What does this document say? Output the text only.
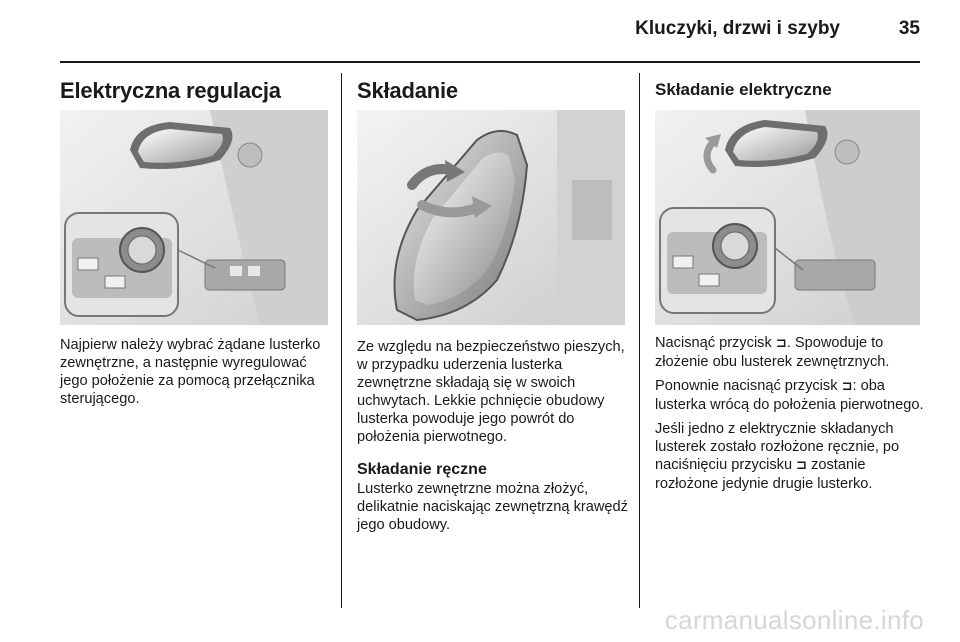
Kluczyki, drzwi i szyby	35
Elektryczna regulacja
Najpierw należy wybrać żądane lusterko zewnętrzne, a następnie wyregulować jego położenie za pomocą przełącznika sterującego.
Składanie
Ze względu na bezpieczeństwo pieszych, w przypadku uderzenia lusterka zewnętrzne składają się w swoich uchwytach. Lekkie pchnięcie obudowy lusterka powoduje jego powrót do położenia pierwotnego.
Składanie ręczne
Lusterko zewnętrzne można złożyć, delikatnie naciskając zewnętrzną krawędź jego obudowy.
Składanie elektryczne
Nacisnąć przycisk ⊐. Spowoduje to złożenie obu lusterek zewnętrznych.
Ponownie nacisnąć przycisk ⊐: oba lusterka wrócą do położenia pierwotnego.
Jeśli jedno z elektrycznie składanych lusterek zostało rozłożone ręcznie, po naciśnięciu przycisku ⊐ zostanie rozłożone jedynie drugie lusterko.
carmanualsonline.info
